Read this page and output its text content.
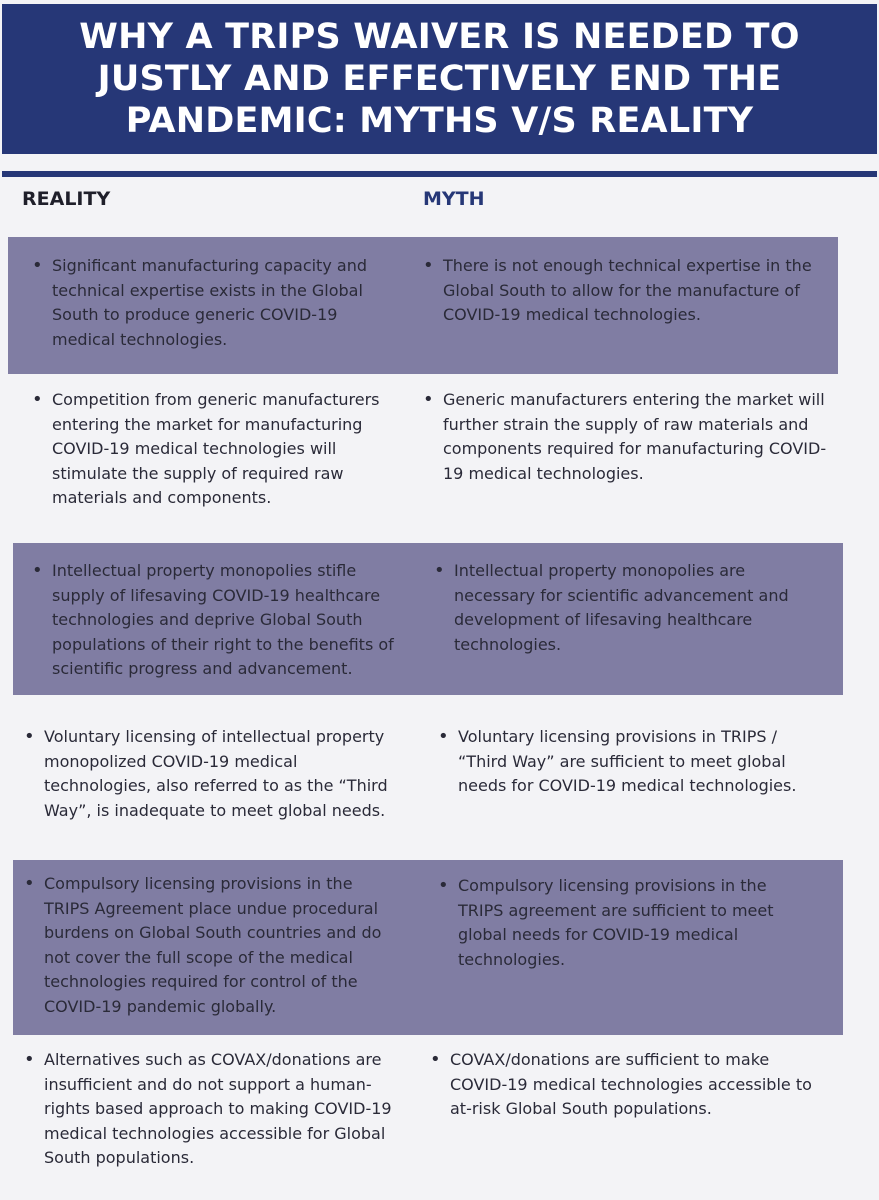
WHY A TRIPS WAIVER IS NEEDED TO
JUSTLY AND EFFECTIVELY END THE
PANDEMIC: MYTHS V/S REALITY
REALITY	MYTH

• Significant manufacturing capacity and technical expertise exists in the Global South to produce generic COVID-19 medical technologies.

• There is not enough technical expertise in the Global South to allow for the manufacture of COVID-19 medical technologies.

• Competition from generic manufacturers entering the market for manufacturing COVID-19 medical technologies will stimulate the supply of required raw materials and components.

• Generic manufacturers entering the market will further strain the supply of raw materials and components required for manufacturing COVID-19 medical technologies.

• Intellectual property monopolies stifle supply of lifesaving COVID-19 healthcare technologies and deprive Global South populations of their right to the benefits of scientific progress and advancement.

• Intellectual property monopolies are necessary for scientific advancement and development of lifesaving healthcare technologies.

• Voluntary licensing of intellectual property monopolized COVID-19 medical technologies, also referred to as the “Third Way”, is inadequate to meet global needs.

• Voluntary licensing provisions in TRIPS / “Third Way” are sufficient to meet global needs for COVID-19 medical technologies.

• Compulsory licensing provisions in the TRIPS Agreement place undue procedural burdens on Global South countries and do not cover the full scope of the medical technologies required for control of the COVID-19 pandemic globally.

• Compulsory licensing provisions in the TRIPS agreement are sufficient to meet global needs for COVID-19 medical technologies.

• Alternatives such as COVAX/donations are insufficient and do not support a human-rights based approach to making COVID-19 medical technologies accessible for Global South populations.

• COVAX/donations are sufficient to make COVID-19 medical technologies accessible to at-risk Global South populations.
